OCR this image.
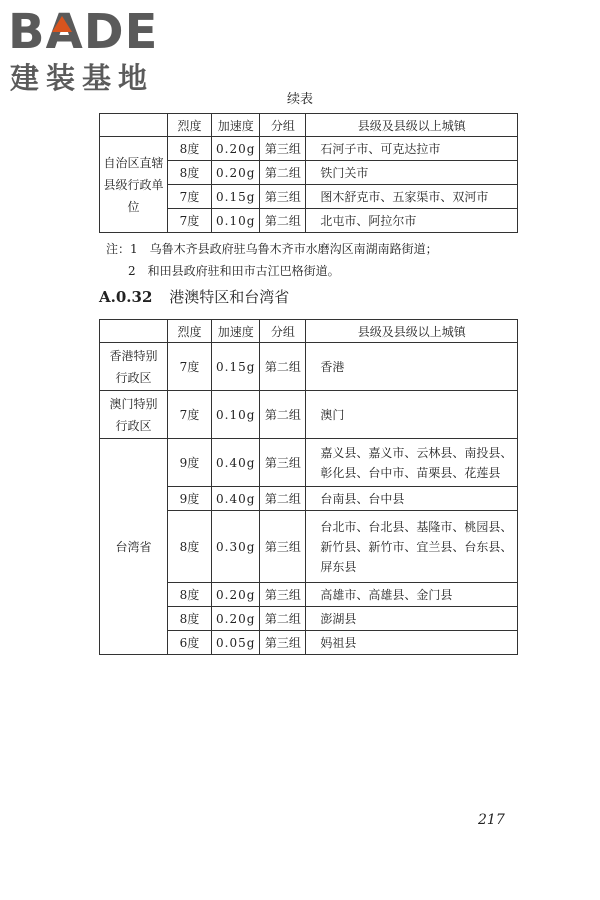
BADE
建装基地
续表
	烈度	加速度	分组	县级及县级以上城镇
自治区直辖县级行政单位	8度	0.20g	第三组	石河子市、可克达拉市
	8度	0.20g	第二组	铁门关市
	7度	0.15g	第三组	图木舒克市、五家渠市、双河市
	7度	0.10g	第二组	北屯市、阿拉尔市
注：1　乌鲁木齐县政府驻乌鲁木齐市水磨沟区南湖南路街道；
2　和田县政府驻和田市古江巴格街道。
A.0.32 港澳特区和台湾省
	烈度	加速度	分组	县级及县级以上城镇
香港特别行政区	7度	0.15g	第二组	香港
澳门特别行政区	7度	0.10g	第二组	澳门
台湾省	9度	0.40g	第三组	嘉义县、嘉义市、云林县、南投县、彰化县、台中市、苗栗县、花莲县
	9度	0.40g	第二组	台南县、台中县
	8度	0.30g	第三组	台北市、台北县、基隆市、桃园县、新竹县、新竹市、宜兰县、台东县、屏东县
	8度	0.20g	第三组	高雄市、高雄县、金门县
	8度	0.20g	第二组	澎湖县
	6度	0.05g	第三组	妈祖县
217
